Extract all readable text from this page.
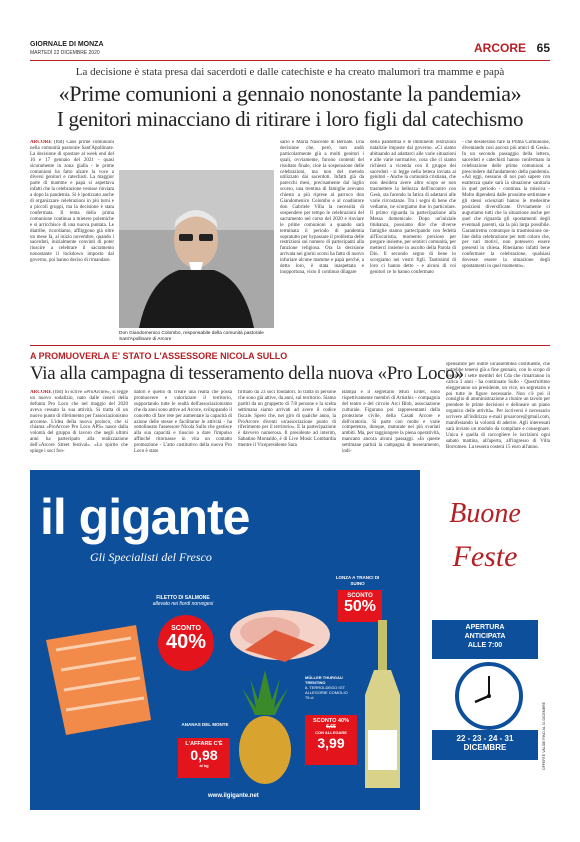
GIORNALE DI MONZA
MARTEDÌ 22 DICEMBRE 2020	ARCORE 65
La decisione è stata presa dai sacerdoti e dalle catechiste e ha creato malumori tra mamme e papà
«Prime comunioni a gennaio nonostante la pandemia»
I genitori minacciano di ritirare i loro figli dal catechismo
ARCORE (fbd) Caos prime comunioni nella comunità pastorale Sant'Apollinare. La decisione di spostare al week end del 16 e 17 gennaio del 2021 - quasi sicuramente in zona gialla - le prime comunioni ha fatto alzare la voce a diversi genitori e catechisti. La maggior parte di mamme e papà si aspettava infatti che la celebrazione venisse rinviata a dopo la pandemia. Si è ipotizzato anche di organizzare celebrazioni in più turni e a piccoli gruppi, ma la decisione è stata confermata. Il tema della prima comunione continua a mietere polemiche e si arricchisce di una nuova puntata. Le diatribe, ricordiamo, affliggono già oltre un mese fa, al inizio novembre, quando i sacerdoti, inizialmente convinti di poter riuscire a celebrare il sacramento nonostante il lockdown imposto dal governo, poi hanno deciso di rimandare.
Don Giandomenico Colombo, responsabile della comunità pastorale Sant'Apollinare di Arcore
sario e Maria Nascente di Bernate. Una decisione che, però, non andò particolarmente giù a molti genitori i quali, ovviamente, furono contenti del risultato finale, cioè la sospensione delle celebrazioni, ma non del metodo utilizzato dai sacerdoti. Infatti già da parecchi mesi, precisamente dal luglio scorso, una trentina di famiglie avevano chiesto a più riprese al parroco don Giandomenico Colombo e al coadiutore don Gabriele Villa la necessità di sospendere per tempo le celebrazioni del sacramento nel corso del 2020 e rinviare le prime comunioni a quando sarà terminata il periodo di pandemia sopratutto per bypassare il problema delle restrizioni sul numero di partecipanti alla funzione religiosa. Ora la decisione arrivata nei giorni scorsi ha fatto di nuovo infuriare alcune mamme e papà perché, a detta loro, è stata inaspettata e inopportuna, visto il continuo dilagare
della pandemia e le imminenti restrizioni natalizie imposte dal governo. «Ci siamo abituando ad adattarci alle varie situazioni e alle varie normative, cosa che ci siamo richiesti a vicenda con il gruppo dei sacerdoti - si legge nella lettera inviata ai genitori - Anche la comunità cristiana, che non desidera avere altro scopo se non trasmettere la bellezza dell'incontro con Gesù, sta facendo la fatica di adattarsi alle varie circostanze. Tra i segni di bene che vediamo, ne scorgiamo due in particolare. Il primo riguarda la partecipazione alla Messa domenicale. Dopo un'iniziale titubanza, possiamo dire che diverse famiglie stanno partecipando con fedeltà all'Eucaristia, momento prezioso per pregare insieme, per sentirci comunità, per metterci insieme in ascolto della Parola di Dio. Il secondo segno di bene lo scorgiamo nei vostri figli. Tantissimi di loro ci hanno detto - e alcuni di voi genitori ce lo hanno confermato
- che desiderano fare la Prima Comunione, diventando così ancora più amici di Gesù». In un secondo passaggio della lettera, sacerdoti e catechisti hanno confermato la celebrazione delle prime comunioni a prescindere dall'andamento della pandemia. «Ad oggi, nessuno di noi può sapere con esattezza quale sarà la situazione sanitaria in quel periodo - continua la missiva - Molto dipenderà dalle prossime settimane e gli stessi scienziati hanno le medesime posizioni diversificate. Ovviamente ci auguriamo tutti che la situazione anche per quel che riguarda gli spostamenti degli eventuali parenti, sia la più larga possibile. Garantiremo comunque la trasmissione on-line della celebrazione per tutti coloro che, per vari motivi, non potessero essere presenti in chiesa. Riteniamo infatti bene confermare la celebrazione, qualsiasi dovesse essere la situazione degli spostamenti in quel momento».
A PROMUOVERLA E' STATO L'ASSESSORE NICOLA SULLO
Via alla campagna di tesseramento della nuova «Pro Loco»
ARCORE (fbd) Si scrive «ProArcore», si legge un nuovo sodalizio, nato dalle ceneri della defunta Pro Loco che nel maggio del 2020 aveva cessato la sua attività. Si tratta di un nuovo punto di riferimento per l'associazionismo arcorese. L'idea della nuova proloco, che si chiama «ProArcore Pro Loco APS» nasce dalla volontà del gruppo di lavoro che negli ultimi anni ha partecipato alla realizzazione dell'«Arcore Street festival». «Lo spirito che spinge i soci fon-
datori è quello di creare una realtà che possa promuovere e valorizzare il territorio, supportando tutte le realtà dell'associazionismo che da anni sono attive ad Arcore, sviluppando il concetto di fare rete per aumentare la capacità di azione delle stesse e facilitarne le attività - ha sottolineato l'assessore Nicola Sullo che gestisce alla sua capacità e riuscire a dare l'impulso affinché ritornasse in vita un contatto promozione - L'atto costitutivo della nuova Pro Loco è stato
firmato da 23 soci fondatori. Si tratta di persone che sono già attive, da anni, sul territorio. Siamo partiti da un gruppetto di 7/8 persone e la scelta settimana siamo arrivati ad avere il codice fiscale. Spero che, nei giro di qualche anno, la ProArcore diventi un'associazione punto di riferimento per il territorio». E la partecipazione è davvero numerosa. Il presidente ad interim, Sabatino Montaldo, è di Live Music Lombardia mentre il Vicepresidente Sara
Bampa e il segretario Mucì Erdet, sono rispettivamente membri di Artisthis - compagnia del teatro e del circolo Arci Blob, associazione culturale. Figurano poi rappresentanti della protezione civile, della Casati Arcore e dell'oratorio. Si parte con molte e varie competenze, dunque, maturate nei più svariati ambiti. Ma, per raggiungere la piena operatività, mancano ancora alcuni passaggi. «In queste settimane partirà la campagna di tesseramento, indi-
spensabile per indire un'assemblea costituente, che potrebbe tenersi già a fine gennaio, con lo scopo di eleggere i sette membri del Cda che rimarranno in carica 3 anni - ha continuato Sullo - Quest'ultimo eleggeranno un presidente, un vice, un segretario e poi tutte le figure necessarie. Non c'è poi il consiglio di amministrazione a riunire un tavolo per prendere le prime decisioni e delineare un piano organico delle attività». Per iscriversi è necessario scrivere all'indirizzo e-mail proarcore@gmail.com, manifestando la volontà di aderire. Agli interessati sarà inviato un modulo da compilare e consegnare. Unica è quella di raccogliere le iscrizioni ogni sabato mattina, all'aperto, all'ingresso di Villa Borromeo. La tessera costerà 15 euro all'anno.
il gigante
Gli Specialisti del Fresco
FILETTO DI SALMONE
allevato nei fiordi norvegesi
SCONTO
40%
LONZA A TRANCI DI SUINO
SCONTO
50%
ANANAS DEL MONTE
L'AFFARE C'È
0,98
al kg
MÜLLER THURGAU TRENTINO
IL TERROLDEGO IGT ALLEGORIE COMOLIO
75 cl
SCONTO 40%
6,65
CON ALLEGARE
3,99
www.ilgigante.net
Buone
Feste
APERTURA
ANTICIPATA
ALLE 7:00
22 - 23 - 24 - 31
DICEMBRE	OFFERTE VALIDE FINO AL 31 DICEMBRE
